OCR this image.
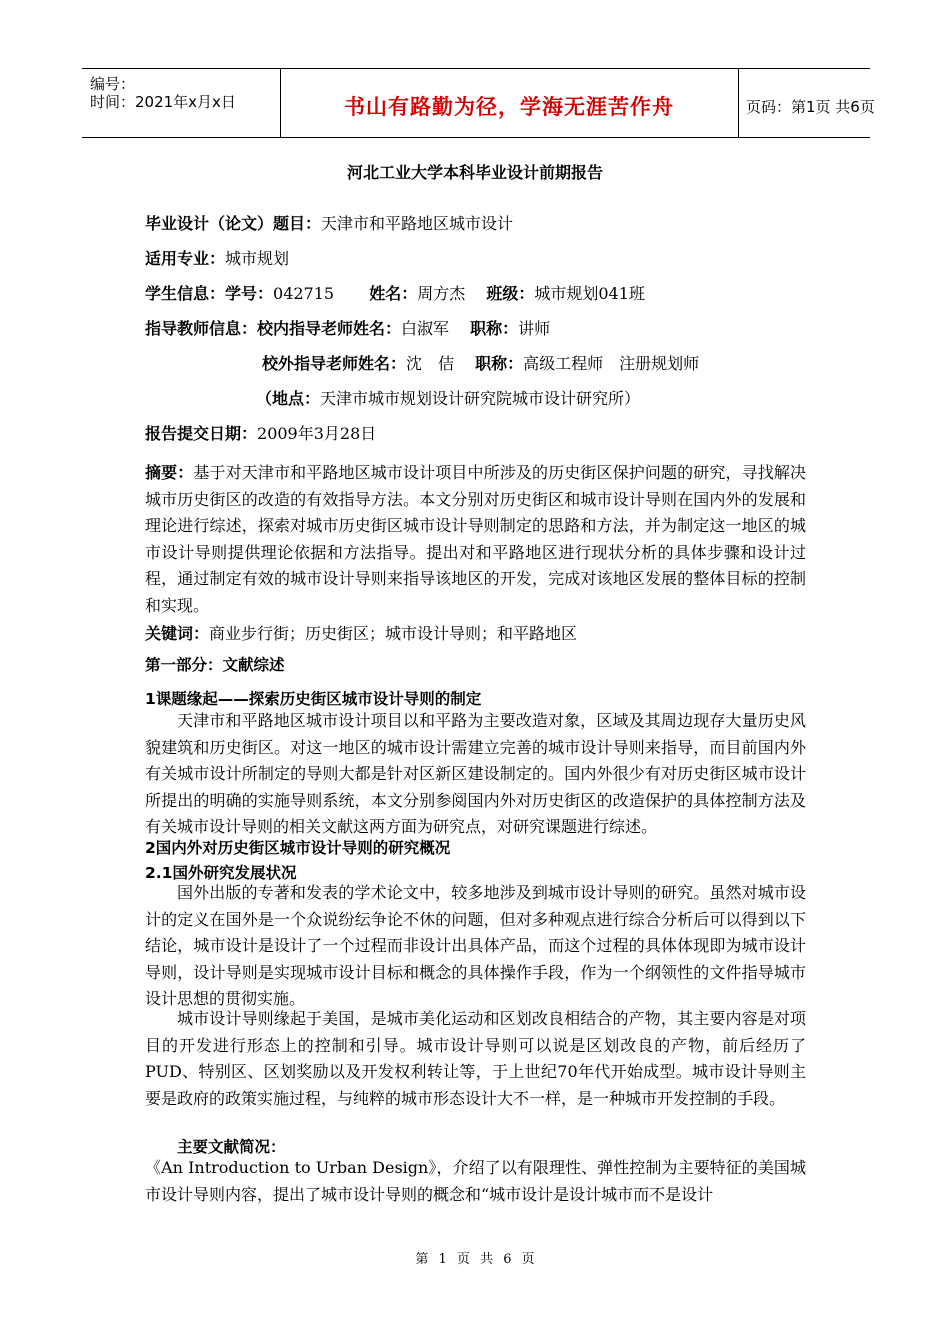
编号：
时间：2021年x月x日	书山有路勤为径，学海无涯苦作舟	页码：第1页 共6页
河北工业大学本科毕业设计前期报告
毕业设计（论文）题目：天津市和平路地区城市设计
适用专业：城市规划
学生信息：学号：042715 姓名：周方杰 班级：城市规划041班
指导教师信息：校内指导老师姓名：白淑军 职称：讲师
校外指导老师姓名：沈　佶 职称：高级工程师　注册规划师
（地点：天津市城市规划设计研究院城市设计研究所）
报告提交日期：2009年3月28日
摘要：基于对天津市和平路地区城市设计项目中所涉及的历史街区保护问题的研究，寻找解决城市历史街区的改造的有效指导方法。本文分别对历史街区和城市设计导则在国内外的发展和理论进行综述，探索对城市历史街区城市设计导则制定的思路和方法，并为制定这一地区的城市设计导则提供理论依据和方法指导。提出对和平路地区进行现状分析的具体步骤和设计过程，通过制定有效的城市设计导则来指导该地区的开发，完成对该地区发展的整体目标的控制和实现。
关键词：商业步行街；历史街区；城市设计导则；和平路地区
第一部分：文献综述
1课题缘起——探索历史街区城市设计导则的制定
天津市和平路地区城市设计项目以和平路为主要改造对象，区域及其周边现存大量历史风貌建筑和历史街区。对这一地区的城市设计需建立完善的城市设计导则来指导，而目前国内外有关城市设计所制定的导则大都是针对区新区建设制定的。国内外很少有对历史街区城市设计所提出的明确的实施导则系统，本文分别参阅国内外对历史街区的改造保护的具体控制方法及有关城市设计导则的相关文献这两方面为研究点，对研究课题进行综述。
2国内外对历史街区城市设计导则的研究概况
2.1国外研究发展状况
国外出版的专著和发表的学术论文中，较多地涉及到城市设计导则的研究。虽然对城市设计的定义在国外是一个众说纷纭争论不休的问题，但对多种观点进行综合分析后可以得到以下结论，城市设计是设计了一个过程而非设计出具体产品，而这个过程的具体体现即为城市设计导则，设计导则是实现城市设计目标和概念的具体操作手段，作为一个纲领性的文件指导城市设计思想的贯彻实施。
城市设计导则缘起于美国，是城市美化运动和区划改良相结合的产物，其主要内容是对项目的开发进行形态上的控制和引导。城市设计导则可以说是区划改良的产物，前后经历了PUD、特别区、区划奖励以及开发权利转让等，于上世纪70年代开始成型。城市设计导则主要是政府的政策实施过程，与纯粹的城市形态设计大不一样，是一种城市开发控制的手段。
主要文献简况：
《An Introduction to Urban Design》，介绍了以有限理性、弹性控制为主要特征的美国城市设计导则内容，提出了城市设计导则的概念和“城市设计是设计城市而不是设计
第 1 页 共 6 页
